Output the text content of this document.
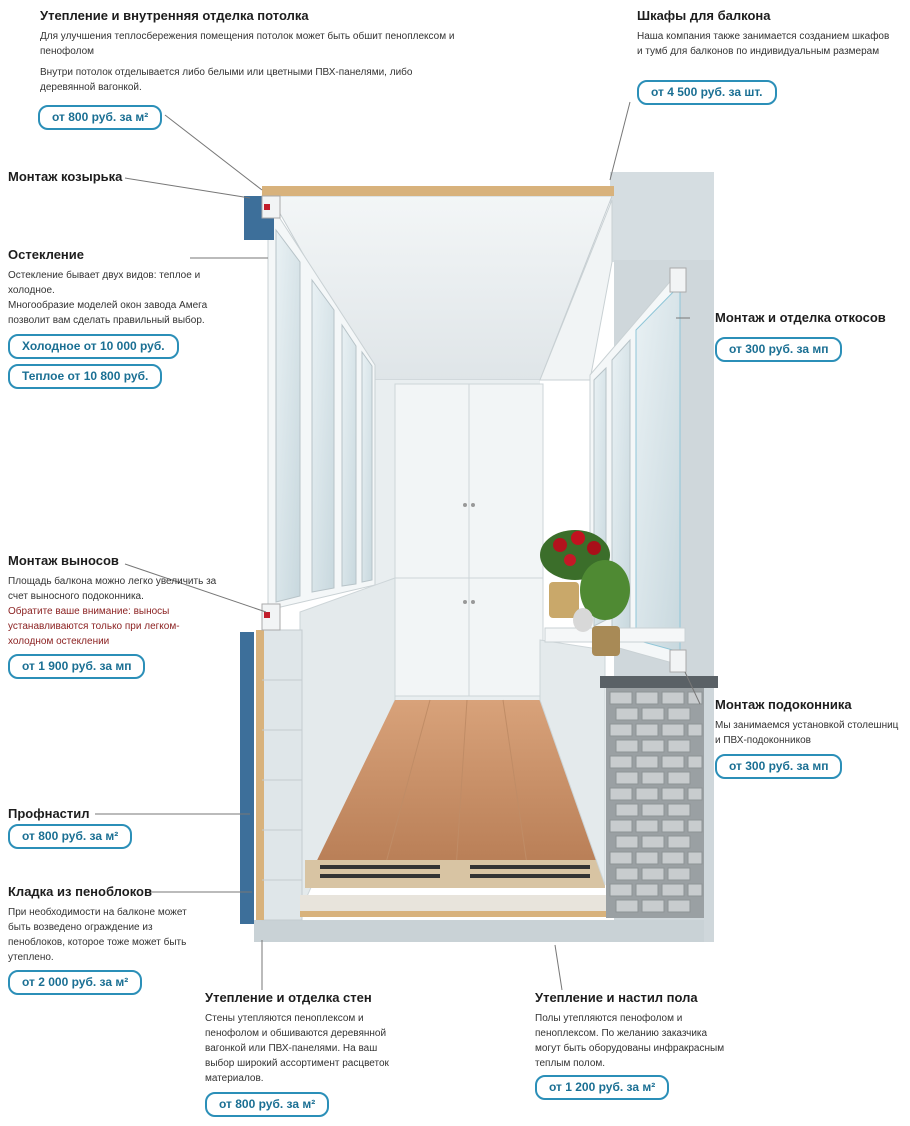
Утепление и внутренняя отделка потолка
Для улучшения теплосбережения помещения потолок может быть обшит пеноплексом и пенофолом
Внутри потолок отделывается либо белыми или цветными ПВХ-панелями, либо деревянной вагонкой.
от 800 руб. за м²
Шкафы для балкона
Наша компания также занимается созданием шкафов и тумб для балконов по индивидуальным размерам
от 4 500 руб. за шт.
Монтаж козырька
Остекление
Остекление бывает двух видов: теплое и холодное.
Многообразие моделей окон завода Амега позволит вам сделать правильный выбор.
Холодное от 10 000 руб.
Теплое от 10 800 руб.
Монтаж и отделка откосов
от 300 руб. за мп
Монтаж выносов
Площадь балкона можно легко увеличить за счет выносного подоконника.
Обратите ваше внимание: выносы устанавливаются только при легком-холодном остеклении
от 1 900 руб. за мп
Монтаж подоконника
Мы занимаемся установкой столешниц и ПВХ-подоконников
от 300 руб. за мп
Профнастил
от 800 руб. за м²
Кладка из пеноблоков
При необходимости на балконе может быть возведено ограждение из пеноблоков, которое тоже может быть утеплено.
от 2 000 руб. за м²
Утепление и отделка стен
Стены утепляются пеноплексом и пенофолом и обшиваются деревянной вагонкой или ПВХ-панелями. На ваш выбор широкий ассортимент расцветок материалов.
от 800 руб. за м²
Утепление и настил пола
Полы утепляются пенофолом и пеноплексом. По желанию заказчика могут быть оборудованы инфракрасным теплым полом.
от 1 200 руб. за м²
